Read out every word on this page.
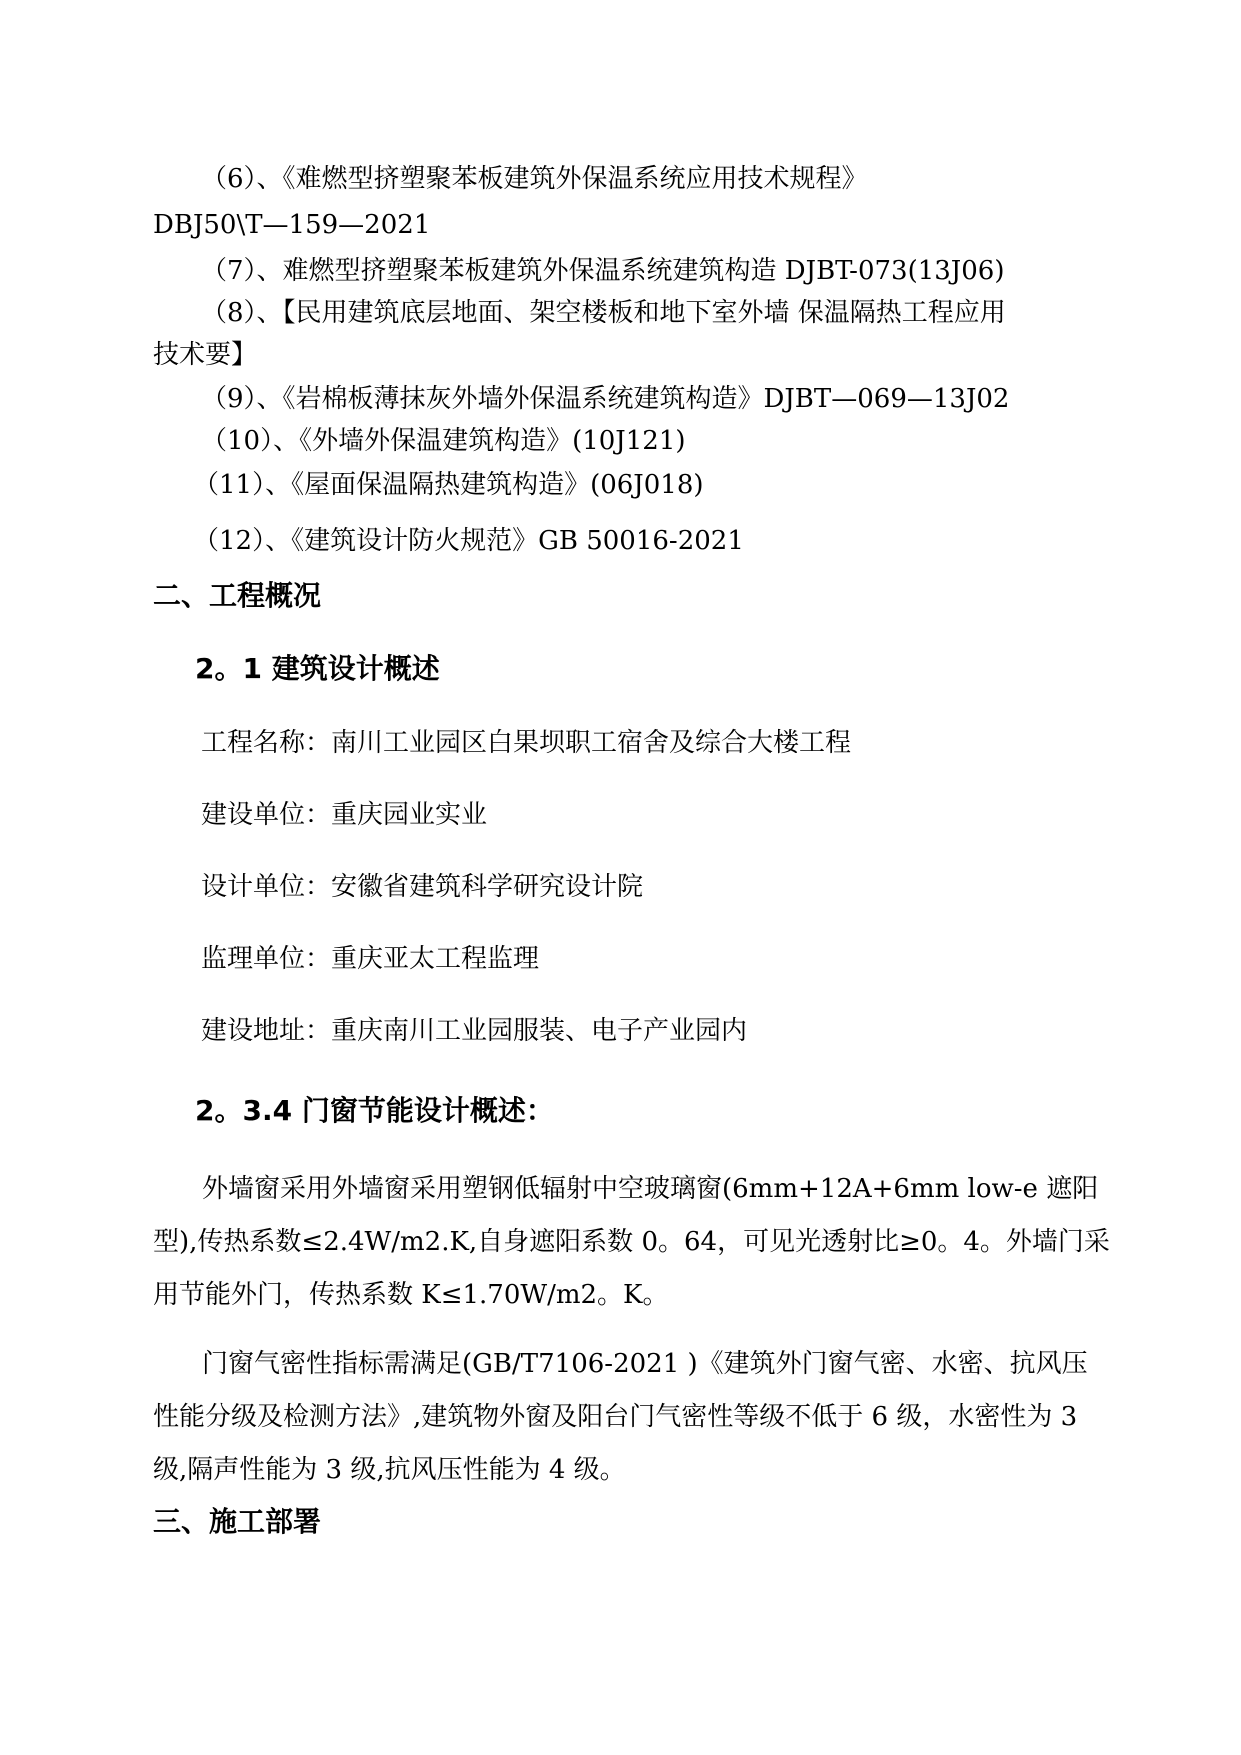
（6）、《难燃型挤塑聚苯板建筑外保温系统应用技术规程》
DBJ50\T—159—2021
（7）、难燃型挤塑聚苯板建筑外保温系统建筑构造 DJBT-073(13J06)
（8）、【民用建筑底层地面、架空楼板和地下室外墙 保温隔热工程应用
技术要】
（9）、《岩棉板薄抹灰外墙外保温系统建筑构造》DJBT—069—13J02
（10）、《外墙外保温建筑构造》(10J121)
（11）、《屋面保温隔热建筑构造》(06J018)
（12）、《建筑设计防火规范》GB 50016-2021
二、工程概况
2。1 建筑设计概述
工程名称：南川工业园区白果坝职工宿舍及综合大楼工程
建设单位：重庆园业实业
设计单位：安徽省建筑科学研究设计院
监理单位：重庆亚太工程监理
建设地址：重庆南川工业园服装、电子产业园内
2。3.4 门窗节能设计概述：

外墙窗采用外墙窗采用塑钢低辐射中空玻璃窗(6mm+12A+6mm low-e 遮阳型),传热系数≤2.4W/m2.K,自身遮阳系数 0。64，可见光透射比≥0。4。外墙门采用节能外门，传热系数 K≤1.70W/m2。K。

门窗气密性指标需满足(GB/T7106-2021 )《建筑外门窗气密、水密、抗风压性能分级及检测方法》,建筑物外窗及阳台门气密性等级不低于 6 级，水密性为 3 级,隔声性能为 3 级,抗风压性能为 4 级。

三、施工部署
